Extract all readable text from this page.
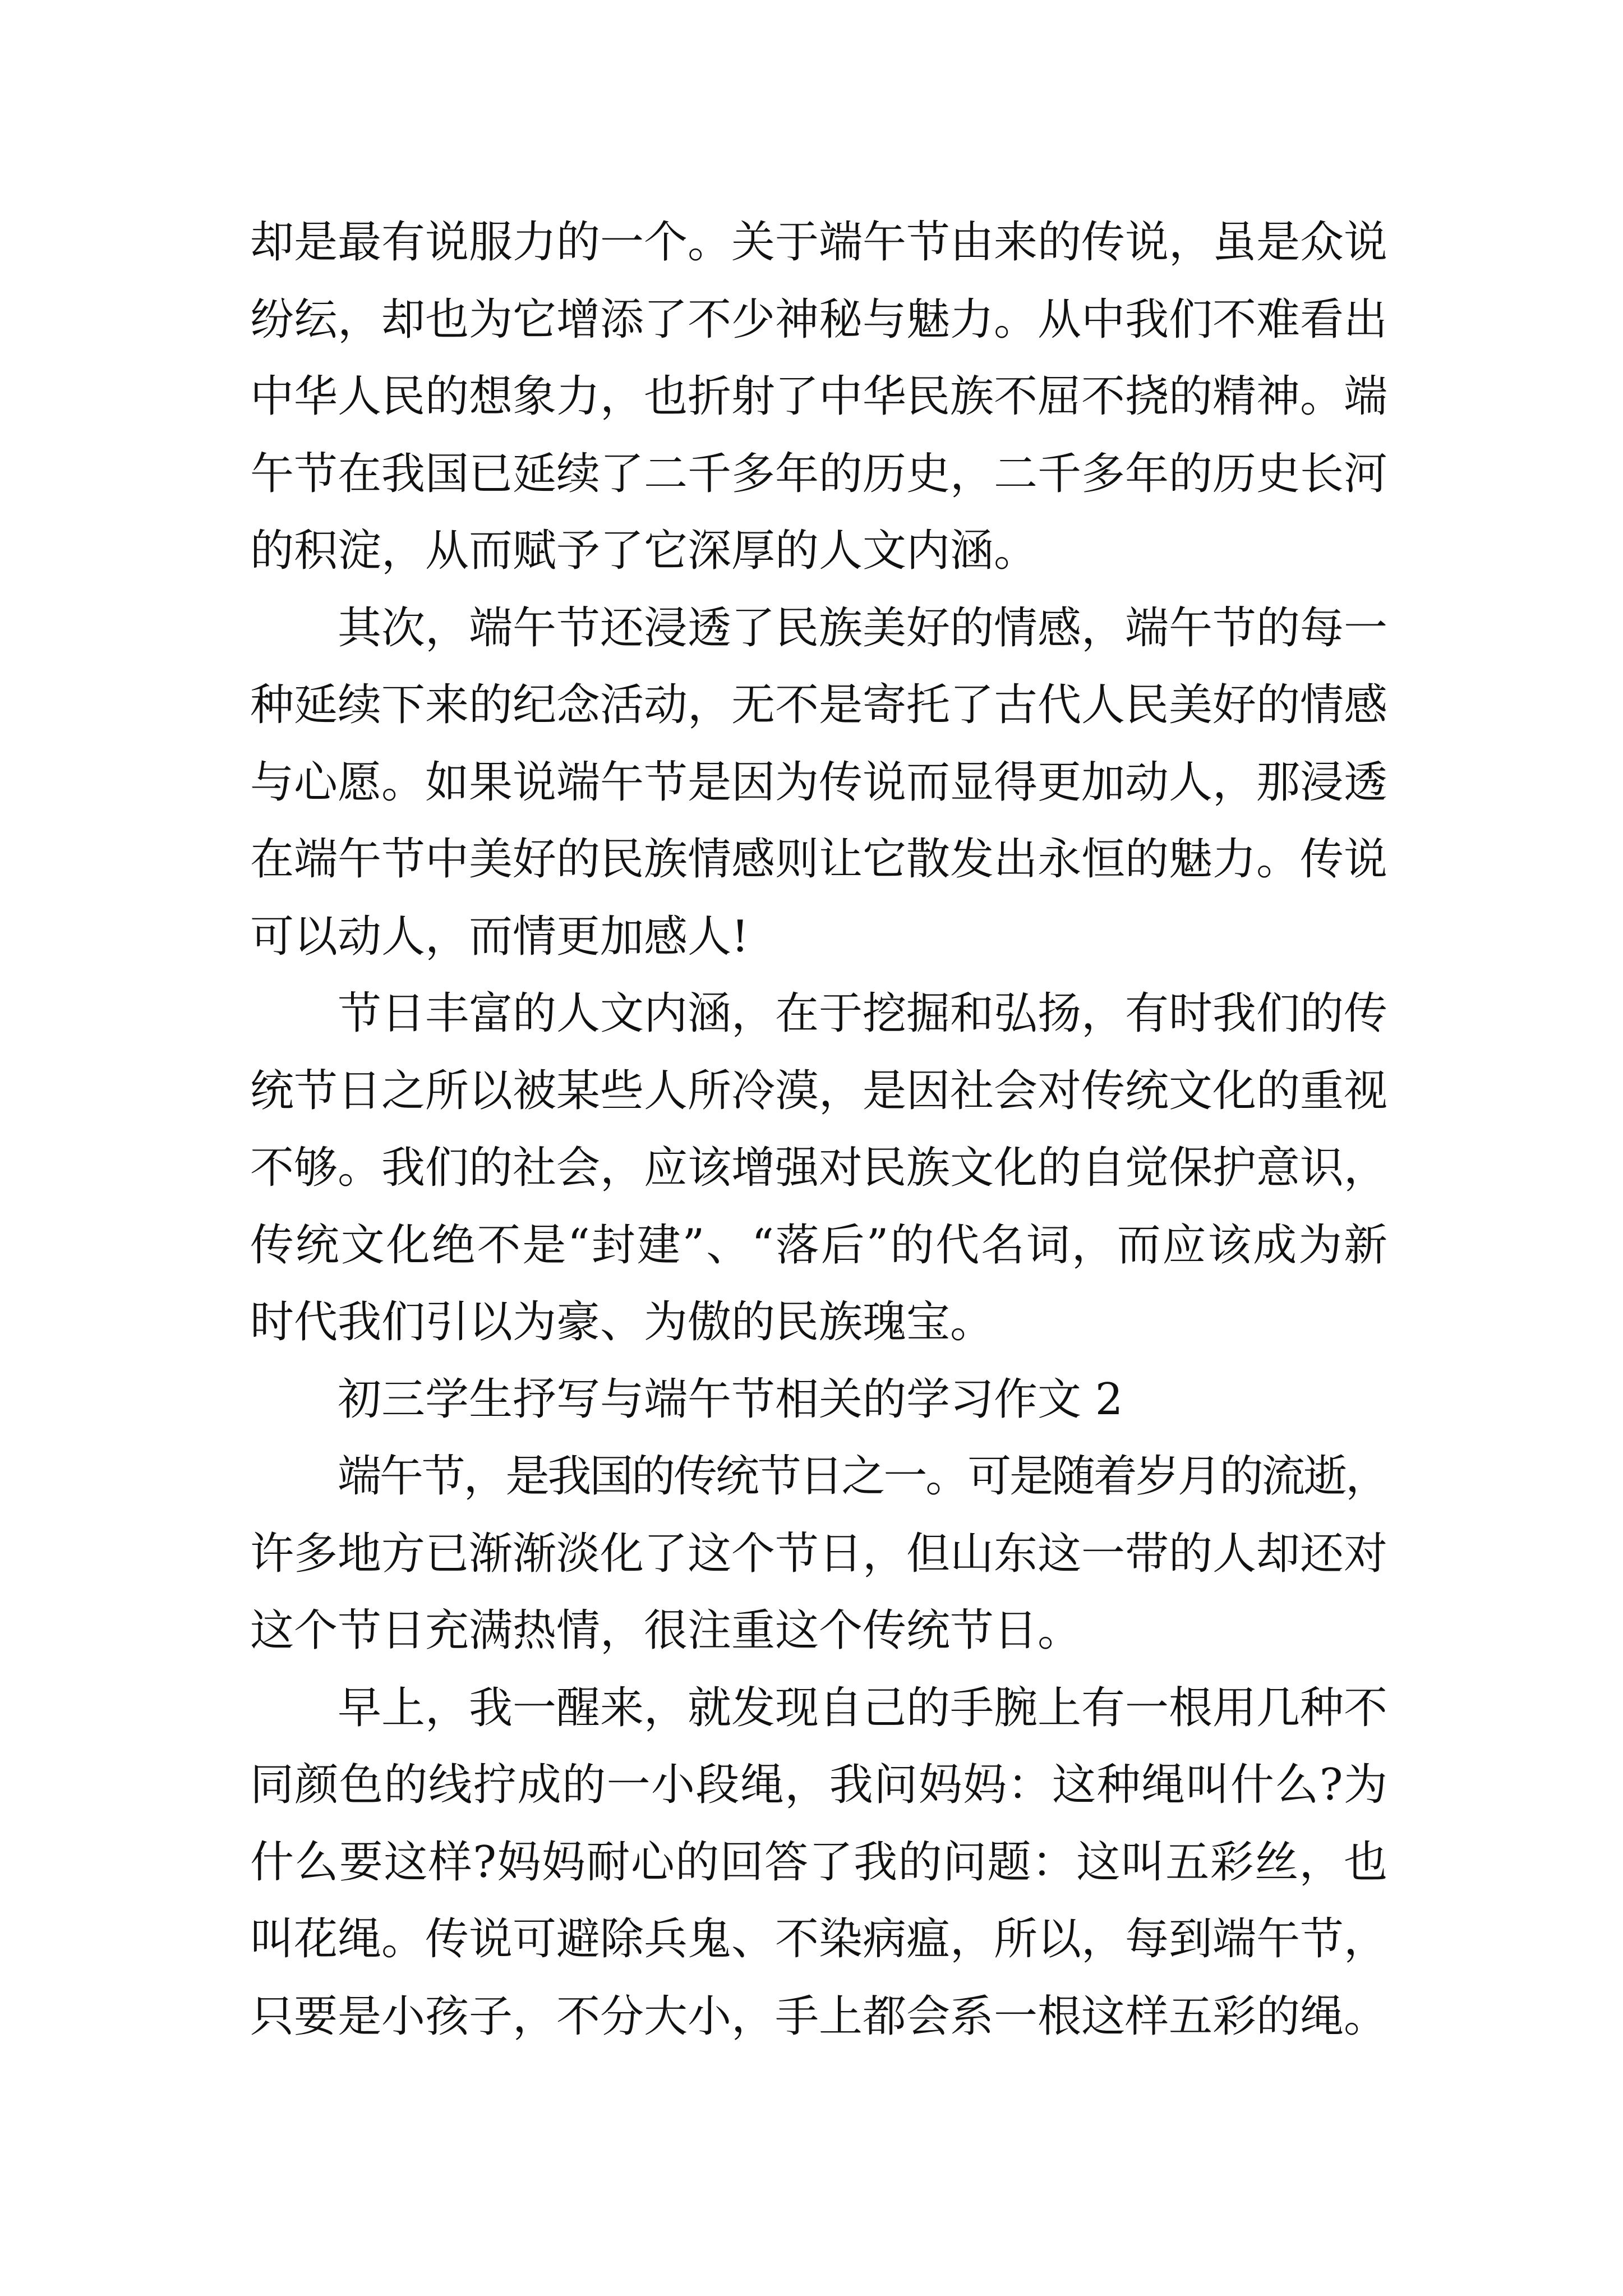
却是最有说服力的一个。关于端午节由来的传说，虽是众说
纷纭，却也为它增添了不少神秘与魅力。从中我们不难看出
中华人民的想象力，也折射了中华民族不屈不挠的精神。端
午节在我国已延续了二千多年的历史，二千多年的历史长河
的积淀，从而赋予了它深厚的人文内涵。
其次，端午节还浸透了民族美好的情感，端午节的每一
种延续下来的纪念活动，无不是寄托了古代人民美好的情感
与心愿。如果说端午节是因为传说而显得更加动人，那浸透
在端午节中美好的民族情感则让它散发出永恒的魅力。传说
可以动人，而情更加感人!
节日丰富的人文内涵，在于挖掘和弘扬，有时我们的传
统节日之所以被某些人所冷漠，是因社会对传统文化的重视
不够。我们的社会，应该增强对民族文化的自觉保护意识，
传统文化绝不是“封建”、“落后”的代名词，而应该成为新
时代我们引以为豪、为傲的民族瑰宝。
初三学生抒写与端午节相关的学习作文 2
端午节，是我国的传统节日之一。可是随着岁月的流逝，
许多地方已渐渐淡化了这个节日，但山东这一带的人却还对
这个节日充满热情，很注重这个传统节日。
早上，我一醒来，就发现自己的手腕上有一根用几种不
同颜色的线拧成的一小段绳，我问妈妈：这种绳叫什么?为
什么要这样?妈妈耐心的回答了我的问题：这叫五彩丝，也
叫花绳。传说可避除兵鬼、不染病瘟，所以，每到端午节，
只要是小孩子，不分大小，手上都会系一根这样五彩的绳。
